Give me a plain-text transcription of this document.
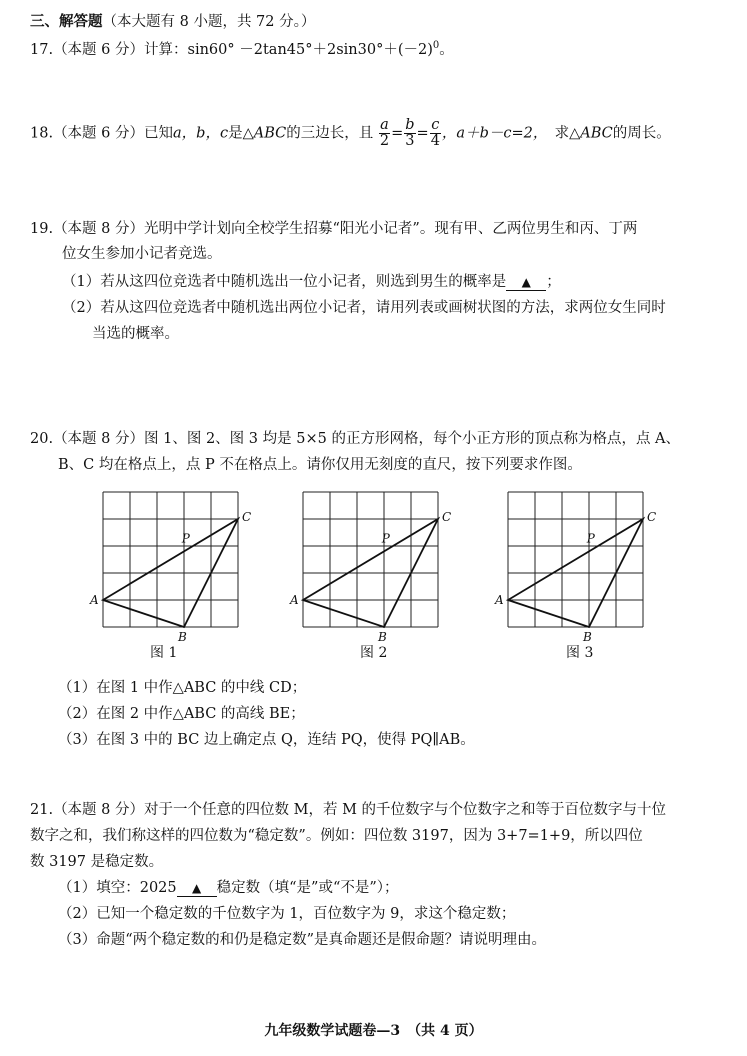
三、解答题（本大题有 8 小题，共 72 分。）
17.（本题 6 分）计算：$\sin 60^\circ -2\tan 45^\circ+2\sin 30^\circ+(-2)^0$。
18.（本题 6 分）已知a，b，c是△ABC的三边长，且 $\frac{a}{2} = \frac{b}{3} = \frac{c}{4}$ ，a＋b－c=2，　 求△ABC的周长。
19.（本题 8 分）光明中学计划向全校学生招募“阳光小记者”。现有甲、乙两位男生和丙、丁两
位女生参加小记者竞选。
（1）若从这四位竞选者中随机选出一位小记者，则选到男生的概率是 ▲ ；
（2）若从这四位竞选者中随机选出两位小记者，请用列表或画树状图的方法，求两位女生同时
当选的概率。
20.（本题 8 分）图 1、图 2、图 3 均是 5×5 的正方形网格，每个小正方形的顶点称为格点，点 A、
B、C 均在格点上，点 P 不在格点上。请你仅用无刻度的直尺，按下列要求作图。
A
B
C
P
A
B
C
P
A
B
C
P
图 1	图 2	图 3
（1）在图 1 中作△ABC 的中线 CD；
（2）在图 2 中作△ABC 的高线 BE；
（3）在图 3 中的 BC 边上确定点 Q，连结 PQ，使得 PQ∥AB。
21.（本题 8 分）对于一个任意的四位数 M，若 M 的千位数字与个位数字之和等于百位数字与十位
数字之和，我们称这样的四位数为“稳定数”。例如：四位数 3197，因为 3+7=1+9，所以四位
数 3197 是稳定数。
（1）填空：2025 ▲ 稳定数（填“是”或“不是”）；
（2）已知一个稳定数的千位数字为 1，百位数字为 9，求这个稳定数；
（3）命题“两个稳定数的和仍是稳定数”是真命题还是假命题？请说明理由。
九年级数学试题卷—3　（共 4 页）
